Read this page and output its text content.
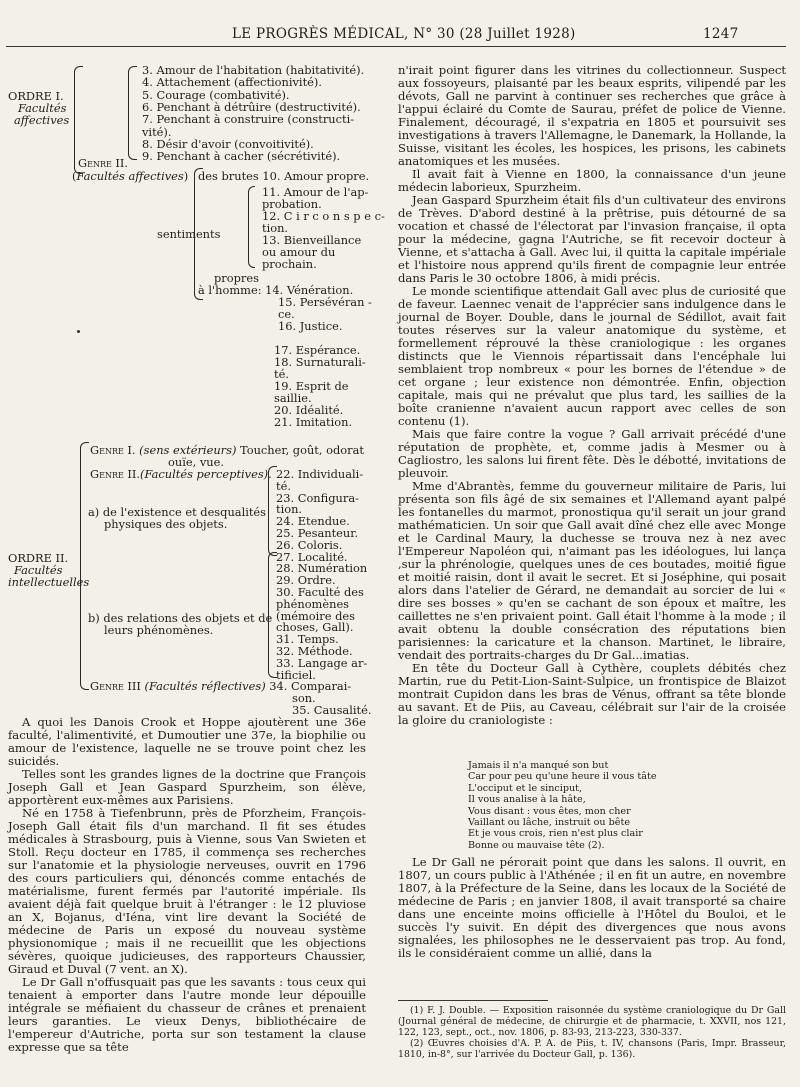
LE PROGRÈS MÉDICAL, N° 30 (28 Juillet 1928)	1247
ORDRE I.
Facultés
affectives
3. Amour de l'habitation (habitativité).
4. Attachement (affectionivité).
5. Courage (combativité).
6. Penchant à détrûire (destructivité).
7. Penchant à construire (constructi-
vité).
8. Désir d'avoir (convoitivité).
9. Penchant à cacher (sécrétivité).
Genre II.
(Facultés affectives) des brutes 10. Amour propre.
sentiments
11. Amour de l'ap-
probation.
12. C i r c o n s p e c-
tion.
13. Bienveillance
ou amour du
prochain.
propres
à l'homme: 14. Vénération.
15. Persévéran -
ce.
16. Justice.
17. Espérance.
18. Surnaturali-
té.
19. Esprit de
saillie.
20. Idéalité.
21. Imitation.
Genre I. (sens extérieurs) Toucher, goût, odorat
ouïe, vue.
Genre II.(Facultés perceptives).
a) de l'existence et desqualités
physiques des objets.
ORDRE II.
Facultés
intellectuelles
b) des relations des objets et de
leurs phénomènes.
22. Individuali-
té.
23. Configura-
tion.
24. Etendue.
25. Pesanteur.
26. Coloris.
27. Localité.
28. Numération
29. Ordre.
30. Faculté des
phénomènes
(mémoire des
choses, Gall).
31. Temps.
32. Méthode.
33. Langage ar-
tificiel.
Genre III (Facultés réflectives) 34. Comparai-
son.
35. Causalité.

A quoi les Danois Crook et Hoppe ajoutèrent une 36e faculté, l'alimentivité, et Dumoutier une 37e, la biophilie ou amour de l'existence, laquelle ne se trouve point chez les suicidés.

Telles sont les grandes lignes de la doctrine que François Joseph Gall et Jean Gaspard Spurzheim, son élève, apportèrent eux-mêmes aux Parisiens.

Né en 1758 à Tiefenbrunn, près de Pforzheim, François-Joseph Gall était fils d'un marchand. Il fit ses études médicales à Strasbourg, puis à Vienne, sous Van Swieten et Stoll. Reçu docteur en 1785, il commença ses recherches sur l'anatomie et la physiologie nerveuses, ouvrit en 1796 des cours particuliers qui, dénoncés comme entachés de matérialisme, furent fermés par l'autorité impériale. Ils avaient déjà fait quelque bruit à l'étranger : le 12 pluviose an X, Bojanus, d'Iéna, vint lire devant la Société de médecine de Paris un exposé du nouveau système physionomique ; mais il ne recueillit que les objections sévères, quoique judicieuses, des rapporteurs Chaussier, Giraud et Duval (7 vent. an X).

Le Dr Gall n'offusquait pas que les savants : tous ceux qui tenaient à emporter dans l'autre monde leur dépouille intégrale se méfiaient du chasseur de crânes et prenaient leurs garanties. Le vieux Denys, bibliothécaire de l'empereur d'Autriche, porta sur son testament la clause expresse que sa tête

n'irait point figurer dans les vitrines du collectionneur. Suspect aux fossoyeurs, plaisanté par les beaux esprits, vilipendé par les dévots, Gall ne parvint à continuer ses recherches que grâce à l'appui éclairé du Comte de Saurau, préfet de police de Vienne. Finalement, découragé, il s'expatria en 1805 et poursuivit ses investigations à travers l'Allemagne, le Danemark, la Hollande, la Suisse, visitant les écoles, les hospices, les prisons, les cabinets anatomiques et les musées.

Il avait fait à Vienne en 1800, la connaissance d'un jeune médecin laborieux, Spurzheim.

Jean Gaspard Spurzheim était fils d'un cultivateur des environs de Trèves. D'abord destiné à la prêtrise, puis détourné de sa vocation et chassé de l'électorat par l'invasion française, il opta pour la médecine, gagna l'Autriche, se fit recevoir docteur à Vienne, et s'attacha à Gall. Avec lui, il quitta la capitale impériale et l'histoire nous apprend qu'ils firent de compagnie leur entrée dans Paris le 30 octobre 1806, à midi précis.

Le monde scientifique attendait Gall avec plus de curiosité que de faveur. Laennec venait de l'apprécier sans indulgence dans le journal de Boyer. Double, dans le journal de Sédillot, avait fait toutes réserves sur la valeur anatomique du système, et formellement réprouvé la thèse cranioloɡique : les organes distincts que le Viennois répartissait dans l'encéphale lui semblaient trop nombreux « pour les bornes de l'étendue » de cet organe ; leur existence non démontrée. Enfin, objection capitale, mais qui ne prévalut que plus tard, les saillies de la boîte cranienne n'avaient aucun rapport avec celles de son contenu (1).

Mais que faire contre la vogue ? Gall arrivait précédé d'une réputation de prophète, et, comme jadis à Mesmer ou à Cagliostro, les salons lui firent fête. Dès le débotté, invitations de pleuvoir.

Mme d'Abrantès, femme du gouverneur militaire de Paris, lui présenta son fils âgé de six semaines et l'Allemand ayant palpé les fontanelles du marmot, pronostiqua qu'il serait un jour grand mathématicien. Un soir que Gall avait dîné chez elle avec Monge et le Cardinal Maury, la duchesse se trouva nez à nez avec l'Empereur Napoléon qui, n'aimant pas les idéologues, lui lança ,sur la phrénologie, quelques unes de ces boutades, moitié figue et moitié raisin, dont il avait le secret. Et si Joséphine, qui posait alors dans l'atelier de Gérard, ne demandait au sorcier de lui « dire ses bosses » qu'en se cachant de son époux et maître, les caillettes ne s'en privaient point. Gall était l'homme à la mode ; il avait obtenu la double consécration des réputations bien parisiennes: la caricature et la chanson. Martinet, le libraire, vendait des portraits-charges du Dr Gal...imatias.

En tête du Docteur Gall à Cythère, couplets débités chez Martin, rue du Petit-Lion-Saint-Sulpice, un frontispice de Blaizot montrait Cupidon dans les bras de Vénus, offrant sa tête blonde au savant. Et de Piis, au Caveau, célébrait sur l'air de la croisée la gloire du craniologiste :

Jamais il n'a manqué son but
Car pour peu qu'une heure il vous tâte
L'occiput et le sinciput,
Il vous analise à la hâte,
Vous disant : vous êtes, mon cher
Vaillant ou lâche, instruit ou bête
Et je vous crois, rien n'est plus clair
Bonne ou mauvaise tête (2).

Le Dr Gall ne pérorait point que dans les salons. Il ouvrit, en 1807, un cours public à l'Athénée ; il en fit un autre, en novembre 1807, à la Préfecture de la Seine, dans les locaux de la Société de médecine de Paris ; en janvier 1808, il avait transporté sa chaire dans une enceinte moins officielle à l'Hôtel du Bouloi, et le succès l'y suivit. En dépit des divergences que nous avons signalées, les philosophes ne le desservaient pas trop. Au fond, ils le considéraient comme un allié, dans la

(1) F. J. Double. — Exposition raisonnée du système craniologique du Dr Gall (Journal général de médecine, de chirurgie et de pharmacie, t. XXVII, nos 121, 122, 123, sept., oct., nov. 1806, p. 83-93, 213-223, 330-337.

(2) Œuvres choisies d'A. P. A. de Piis, t. IV, chansons (Paris, Impr. Brasseur, 1810, in-8°, sur l'arrivée du Docteur Gall, p. 136).
